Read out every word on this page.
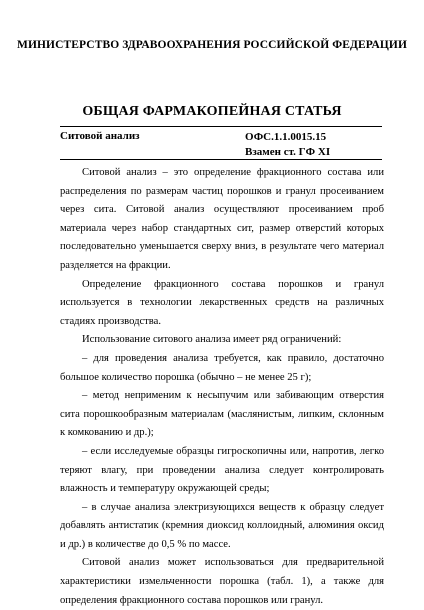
МИНИСТЕРСТВО ЗДРАВООХРАНЕНИЯ РОССИЙСКОЙ ФЕДЕРАЦИИ
ОБЩАЯ ФАРМАКОПЕЙНАЯ СТАТЬЯ
Ситовой анализ	ОФС.1.1.0015.15
Взамен ст. ГФ XI

Ситовой анализ – это определение фракционного состава или распределения по размерам частиц порошков и гранул просеиванием через сита. Ситовой анализ осуществляют просеиванием проб материала через набор стандартных сит, размер отверстий которых последовательно уменьшается сверху вниз, в результате чего материал разделяется на фракции.

Определение фракционного состава порошков и гранул используется в технологии лекарственных средств на различных стадиях производства.

Использование ситового анализа имеет ряд ограничений:

– для проведения анализа требуется, как правило, достаточно большое количество порошка (обычно – не менее 25 г);

– метод неприменим к несыпучим или забивающим отверстия сита порошкообразным материалам (маслянистым, липким, склонным к комкованию и др.);

– если исследуемые образцы гигроскопичны или, напротив, легко теряют влагу, при проведении анализа следует контролировать влажность и температуру окружающей среды;

– в случае анализа электризующихся веществ к образцу следует добавлять антистатик (кремния диоксид коллоидный, алюминия оксид и др.) в количестве до 0,5 % по массе.

Ситовой анализ может использоваться для предварительной характеристики измельченности порошка (табл. 1), а также для определения фракционного состава порошков или гранул.
